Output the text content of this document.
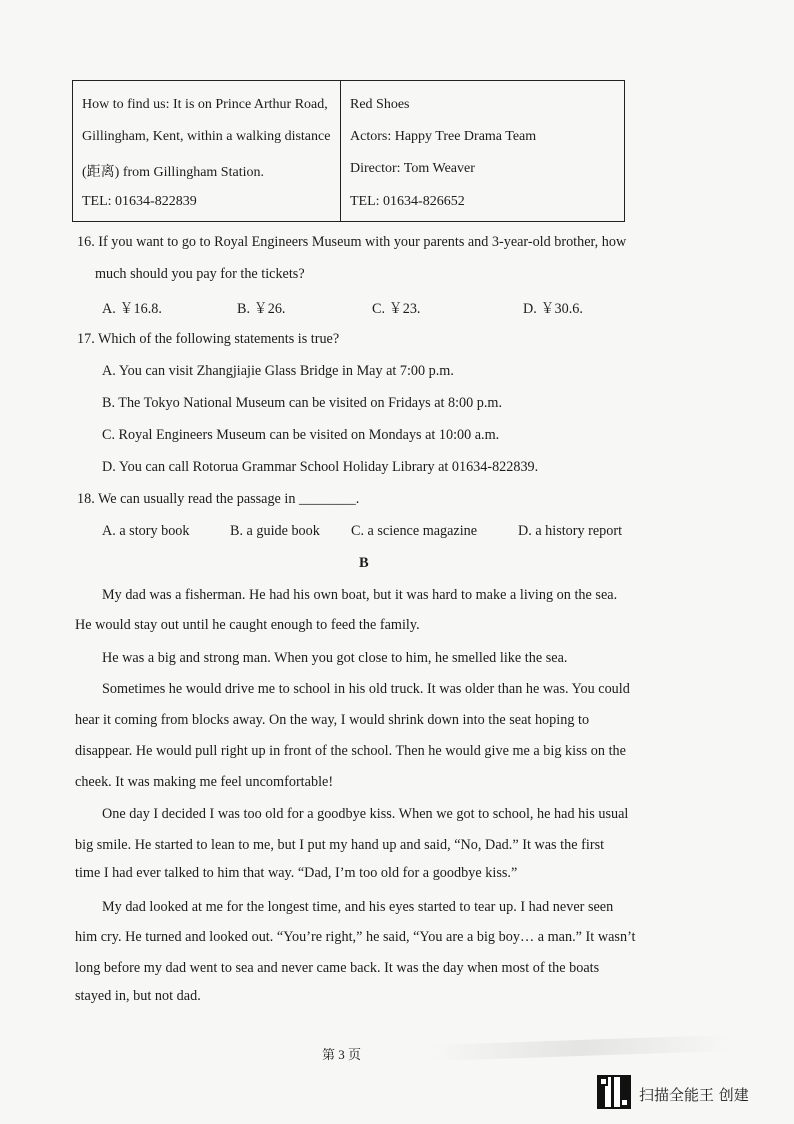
How to find us: It is on Prince Arthur Road,
Gillingham, Kent, within a walking distance
(距离) from Gillingham Station.
TEL: 01634-822839
Red Shoes
Actors: Happy Tree Drama Team
Director: Tom Weaver
TEL: 01634-826652
16. If you want to go to Royal Engineers Museum with your parents and 3-year-old brother, how
much should you pay for the tickets?
A. ￥16.8.	B. ￥26.	C. ￥23.	D. ￥30.6.
17. Which of the following statements is true?
A. You can visit Zhangjiajie Glass Bridge in May at 7:00 p.m.
B. The Tokyo National Museum can be visited on Fridays at 8:00 p.m.
C. Royal Engineers Museum can be visited on Mondays at 10:00 a.m.
D. You can call Rotorua Grammar School Holiday Library at 01634-822839.
18. We can usually read the passage in ________.
A. a story book	B. a guide book C. a science magazine	D. a history report
B
My dad was a fisherman. He had his own boat, but it was hard to make a living on the sea.
He would stay out until he caught enough to feed the family.
He was a big and strong man. When you got close to him, he smelled like the sea.
Sometimes he would drive me to school in his old truck. It was older than he was. You could
hear it coming from blocks away. On the way, I would shrink down into the seat hoping to
disappear. He would pull right up in front of the school. Then he would give me a big kiss on the
cheek. It was making me feel uncomfortable!
One day I decided I was too old for a goodbye kiss. When we got to school, he had his usual
big smile. He started to lean to me, but I put my hand up and said, “No, Dad.” It was the first
time I had ever talked to him that way. “Dad, I’m too old for a goodbye kiss.”
My dad looked at me for the longest time, and his eyes started to tear up. I had never seen
him cry. He turned and looked out. “You’re right,” he said, “You are a big boy… a man.” It wasn’t
long before my dad went to sea and never came back. It was the day when most of the boats
stayed in, but not dad.
第 3 页
扫描全能王 创建
